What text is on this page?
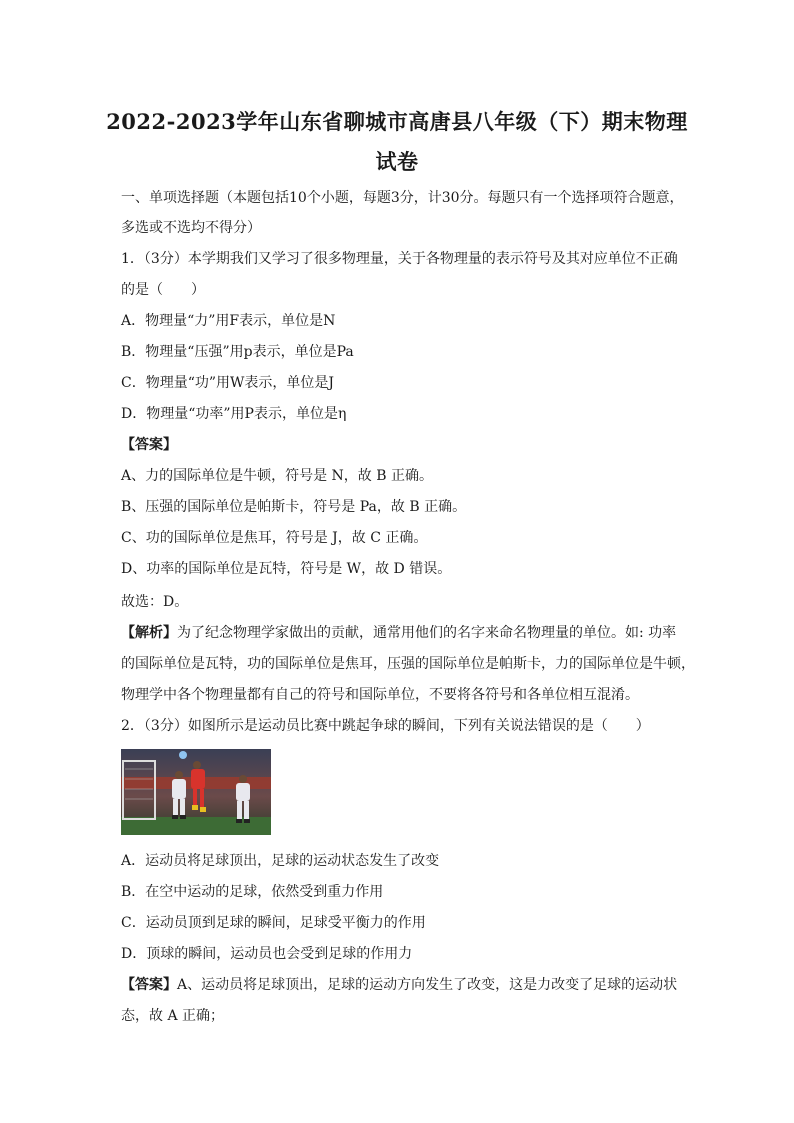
2022-2023学年山东省聊城市高唐县八年级（下）期末物理
试卷
一、单项选择题（本题包括10个小题，每题3分，计30分。每题只有一个选择项符合题意，
多选或不选均不得分）
1．（3分）本学期我们又学习了很多物理量，关于各物理量的表示符号及其对应单位不正确
的是（　　）
A．物理量“力”用F表示，单位是N
B．物理量“压强”用p表示，单位是Pa
C．物理量“功”用W表示，单位是J
D．物理量“功率”用P表示，单位是η
【答案】
A、力的国际单位是牛顿，符号是 N，故 B 正确。
B、压强的国际单位是帕斯卡，符号是 Pa，故 B 正确。
C、功的国际单位是焦耳，符号是 J，故 C 正确。
D、功率的国际单位是瓦特，符号是 W，故 D 错误。
故选：D。
【解析】为了纪念物理学家做出的贡献，通常用他们的名字来命名物理量的单位。如: 功率
的国际单位是瓦特，功的国际单位是焦耳，压强的国际单位是帕斯卡，力的国际单位是牛顿，
物理学中各个物理量都有自己的符号和国际单位，不要将各符号和各单位相互混淆。
2．（3分）如图所示是运动员比赛中跳起争球的瞬间，下列有关说法错误的是（　　）
A．运动员将足球顶出，足球的运动状态发生了改变
B．在空中运动的足球，依然受到重力作用
C．运动员顶到足球的瞬间，足球受平衡力的作用
D．顶球的瞬间，运动员也会受到足球的作用力
【答案】A、运动员将足球顶出，足球的运动方向发生了改变，这是力改变了足球的运动状
态，故 A 正确；
